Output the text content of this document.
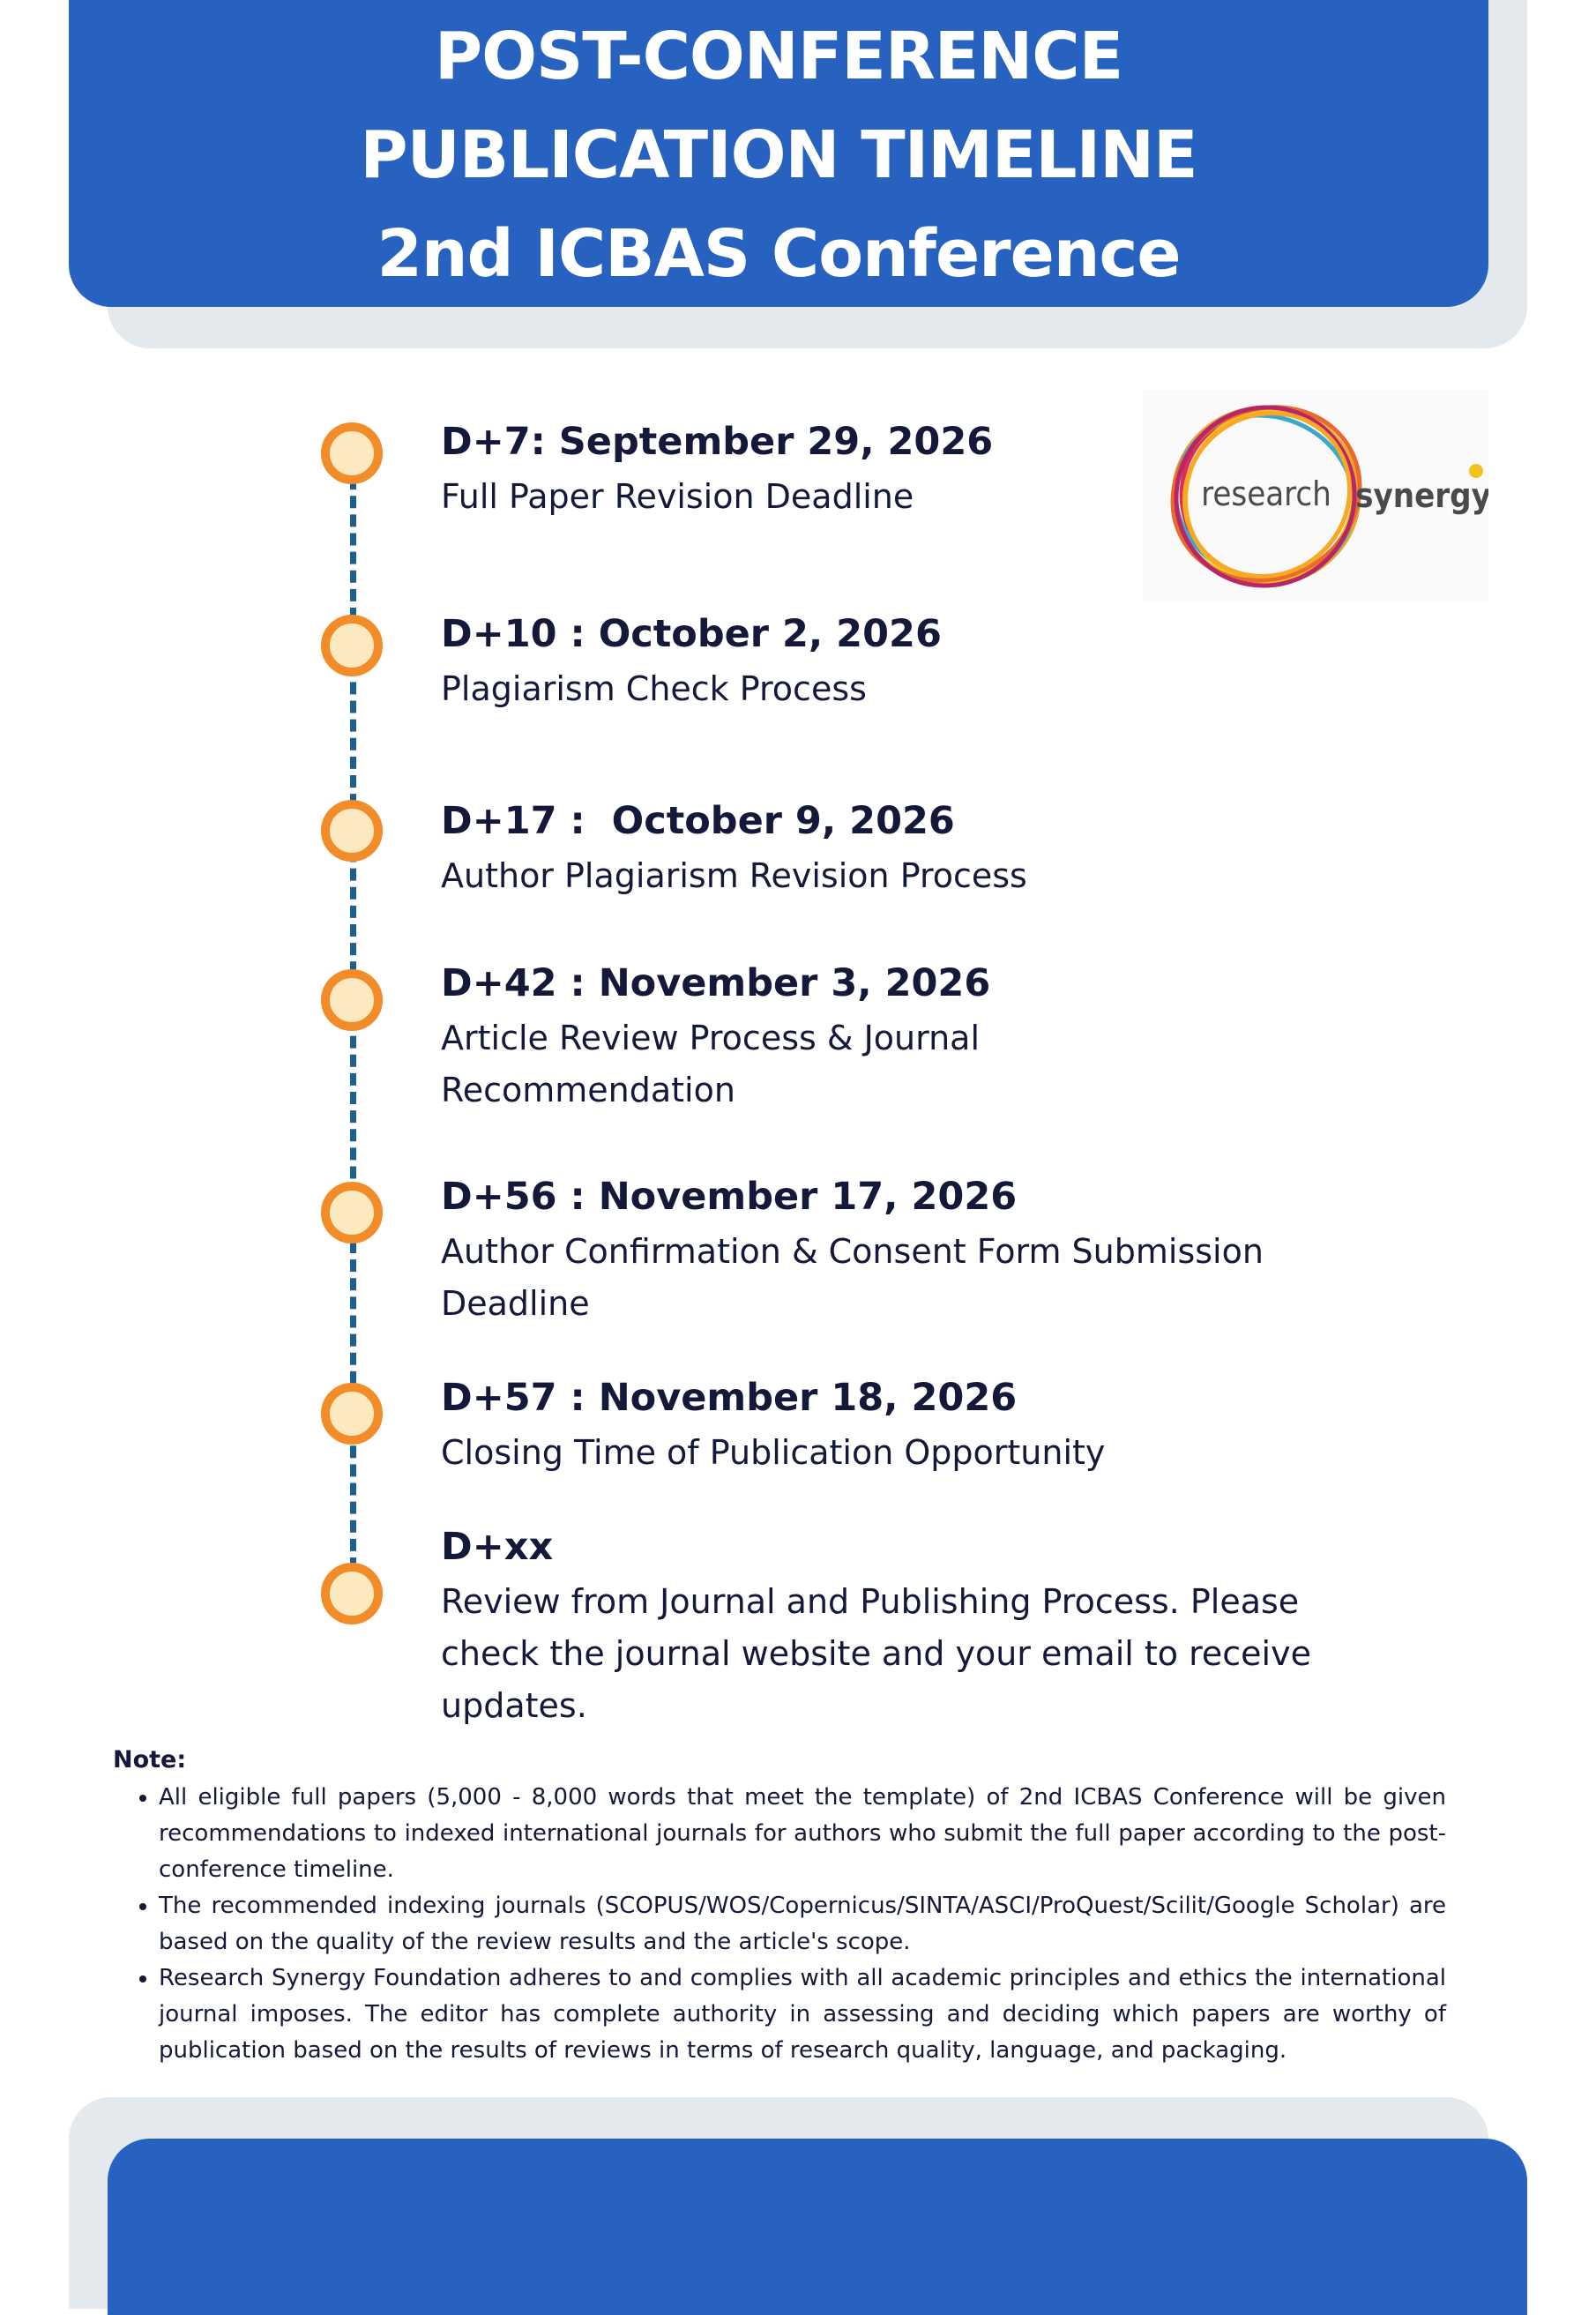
POST-CONFERENCE
PUBLICATION TIMELINE
2nd ICBAS Conference
research synergy
D+7: September 29, 2026
Full Paper Revision Deadline
D+10 : October 2, 2026
Plagiarism Check Process
D+17 :  October 9, 2026
Author Plagiarism Revision Process
D+42 : November 3, 2026
Article Review Process & Journal Recommendation
D+56 : November 17, 2026
Author Confirmation & Consent Form Submission Deadline
D+57 : November 18, 2026
Closing Time of Publication Opportunity
D+xx
Review from Journal and Publishing Process. Please check the journal website and your email to receive updates.
Note:
• All eligible full papers (5,000 - 8,000 words that meet the template) of 2nd ICBAS Conference will be given recommendations to indexed international journals for authors who submit the full paper according to the post-conference timeline.
• The recommended indexing journals (SCOPUS/WOS/Copernicus/SINTA/ASCI/ProQuest/Scilit/Google Scholar) are based on the quality of the review results and the article's scope.
• Research Synergy Foundation adheres to and complies with all academic principles and ethics the international journal imposes. The editor has complete authority in assessing and deciding which papers are worthy of publication based on the results of reviews in terms of research quality, language, and packaging.
